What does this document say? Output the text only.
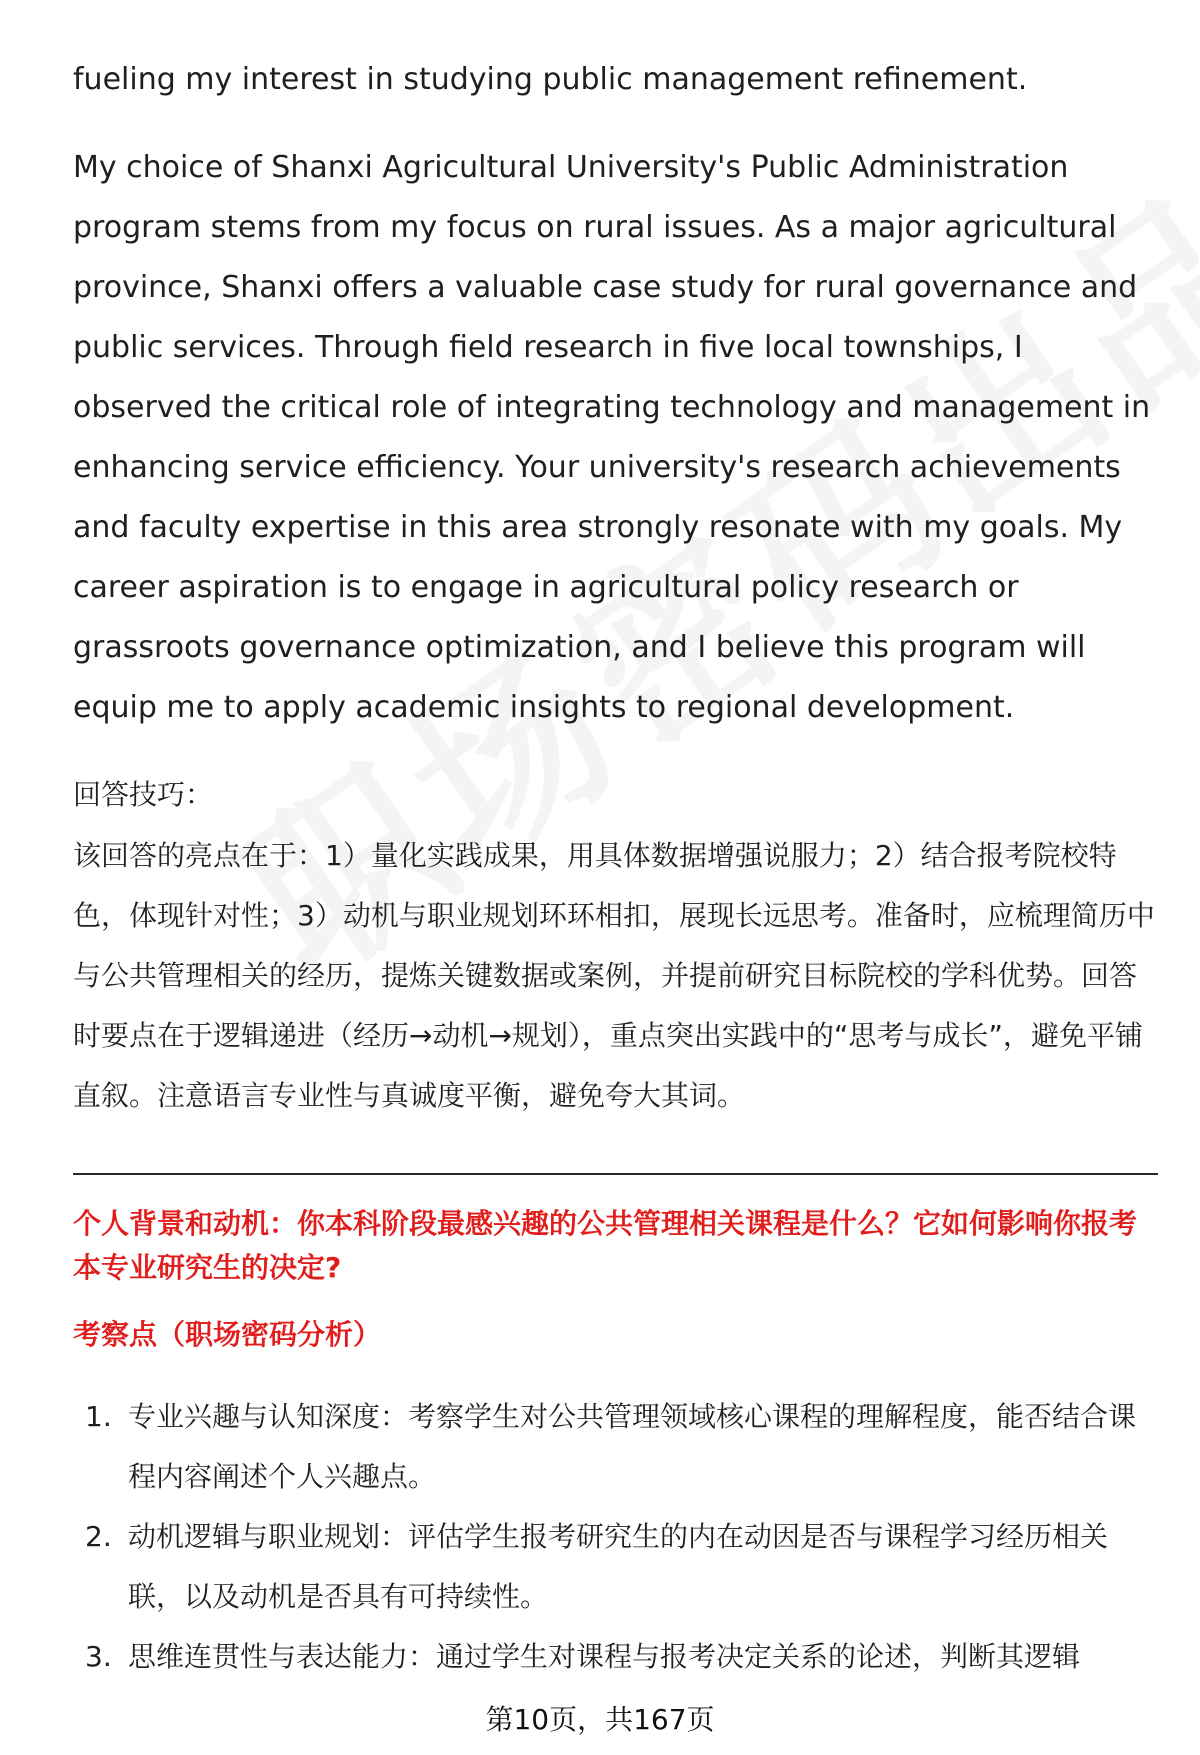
fueling my interest in studying public management refinement.

My choice of Shanxi Agricultural University's Public Administration program stems from my focus on rural issues. As a major agricultural province, Shanxi offers a valuable case study for rural governance and public services. Through field research in five local townships, I observed the critical role of integrating technology and management in enhancing service efficiency. Your university's research achievements and faculty expertise in this area strongly resonate with my goals. My career aspiration is to engage in agricultural policy research or grassroots governance optimization, and I believe this program will equip me to apply academic insights to regional development.

回答技巧：

该回答的亮点在于：1）量化实践成果，用具体数据增强说服力；2）结合报考院校特色，体现针对性；3）动机与职业规划环环相扣，展现长远思考。准备时，应梳理简历中与公共管理相关的经历，提炼关键数据或案例，并提前研究目标院校的学科优势。回答时要点在于逻辑递进（经历→动机→规划），重点突出实践中的“思考与成长”，避免平铺直叙。注意语言专业性与真诚度平衡，避免夸大其词。

个人背景和动机：你本科阶段最感兴趣的公共管理相关课程是什么？它如何影响你报考本专业研究生的决定?

考察点（职场密码分析）

1. 专业兴趣与认知深度：考察学生对公共管理领域核心课程的理解程度，能否结合课程内容阐述个人兴趣点。
2. 动机逻辑与职业规划：评估学生报考研究生的内在动因是否与课程学习经历相关联，以及动机是否具有可持续性。
3. 思维连贯性与表达能力：通过学生对课程与报考决定关系的论述，判断其逻辑

第10页，共167页
